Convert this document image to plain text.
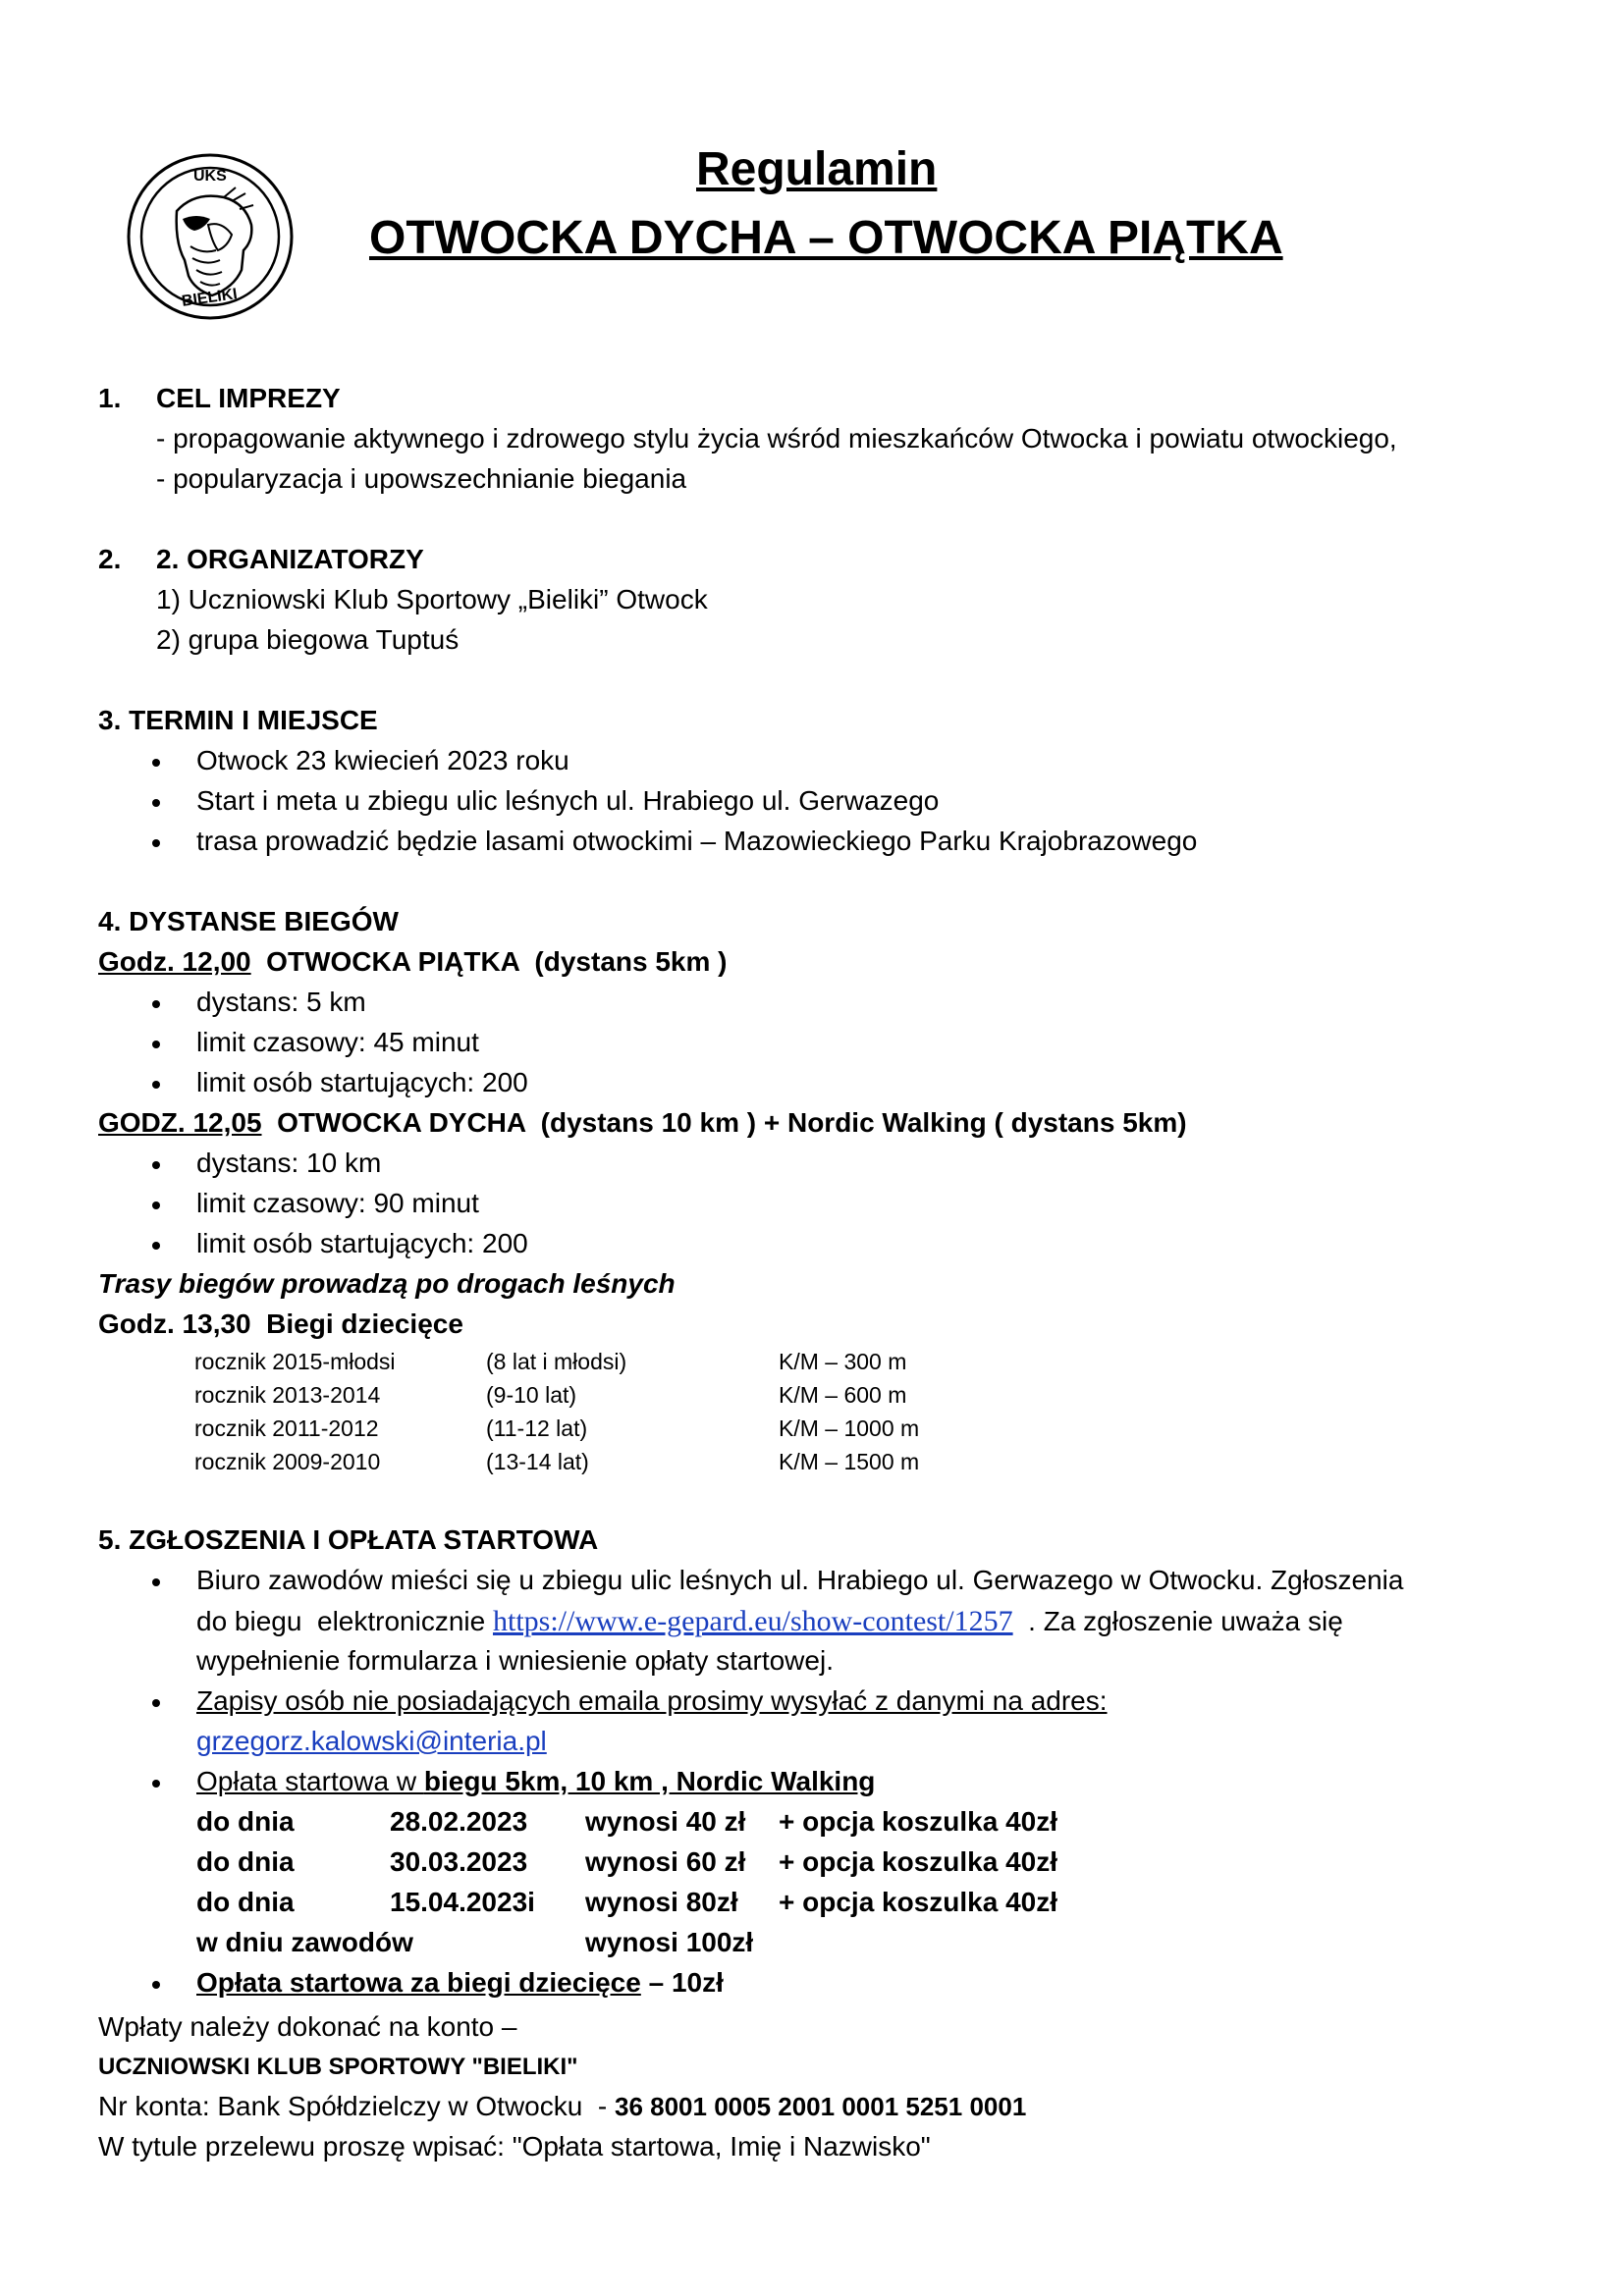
UKS
BIELIKI
Regulamin
OTWOCKA DYCHA – OTWOCKA PIĄTKA
1. CEL IMPREZY
- propagowanie aktywnego i zdrowego stylu życia wśród mieszkańców Otwocka i powiatu otwockiego,
- popularyzacja i upowszechnianie biegania
2. 2. ORGANIZATORZY
1) Uczniowski Klub Sportowy „Bieliki” Otwock
2) grupa biegowa Tuptuś
3. TERMIN I MIEJSCE
Otwock 23 kwiecień 2023 roku
Start i meta u zbiegu ulic leśnych ul. Hrabiego ul. Gerwazego
trasa prowadzić będzie lasami otwockimi – Mazowieckiego Parku Krajobrazowego
4. DYSTANSE BIEGÓW
Godz. 12,00  OTWOCKA PIĄTKA  (dystans 5km )
dystans: 5 km
limit czasowy: 45 minut
limit osób startujących: 200
GODZ. 12,05  OTWOCKA DYCHA  (dystans 10 km ) + Nordic Walking ( dystans 5km)
dystans: 10 km
limit czasowy: 90 minut
limit osób startujących: 200
Trasy biegów prowadzą po drogach leśnych
Godz. 13,30  Biegi dziecięce
rocznik 2015-młodsi	(8 lat i młodsi)	K/M – 300 m
rocznik 2013-2014	(9-10 lat)	K/M – 600 m
rocznik 2011-2012	(11-12 lat)	K/M – 1000 m
rocznik 2009-2010	(13-14 lat)	K/M – 1500 m
5. ZGŁOSZENIA I OPŁATA STARTOWA
Biuro zawodów mieści się u zbiegu ulic leśnych ul. Hrabiego ul. Gerwazego w Otwocku. Zgłoszenia
do biegu  elektronicznie https://www.e-gepard.eu/show-contest/1257  . Za zgłoszenie uważa się
wypełnienie formularza i wniesienie opłaty startowej.
Zapisy osób nie posiadających emaila prosimy wysyłać z danymi na adres:
grzegorz.kalowski@interia.pl
Opłata startowa w biegu 5km, 10 km , Nordic Walking
do dnia	28.02.2023 wynosi 40 zł + opcja koszulka 40zł
do dnia	30.03.2023 wynosi 60 zł + opcja koszulka 40zł
do dnia	15.04.2023i wynosi 80zł + opcja koszulka 40zł
w dniu zawodów	wynosi 100zł
Opłata startowa za biegi dziecięce – 10zł
Wpłaty należy dokonać na konto –
UCZNIOWSKI KLUB SPORTOWY "BIELIKI"
Nr konta: Bank Spółdzielczy w Otwocku  - 36 8001 0005 2001 0001 5251 0001
W tytule przelewu proszę wpisać: "Opłata startowa, Imię i Nazwisko"
